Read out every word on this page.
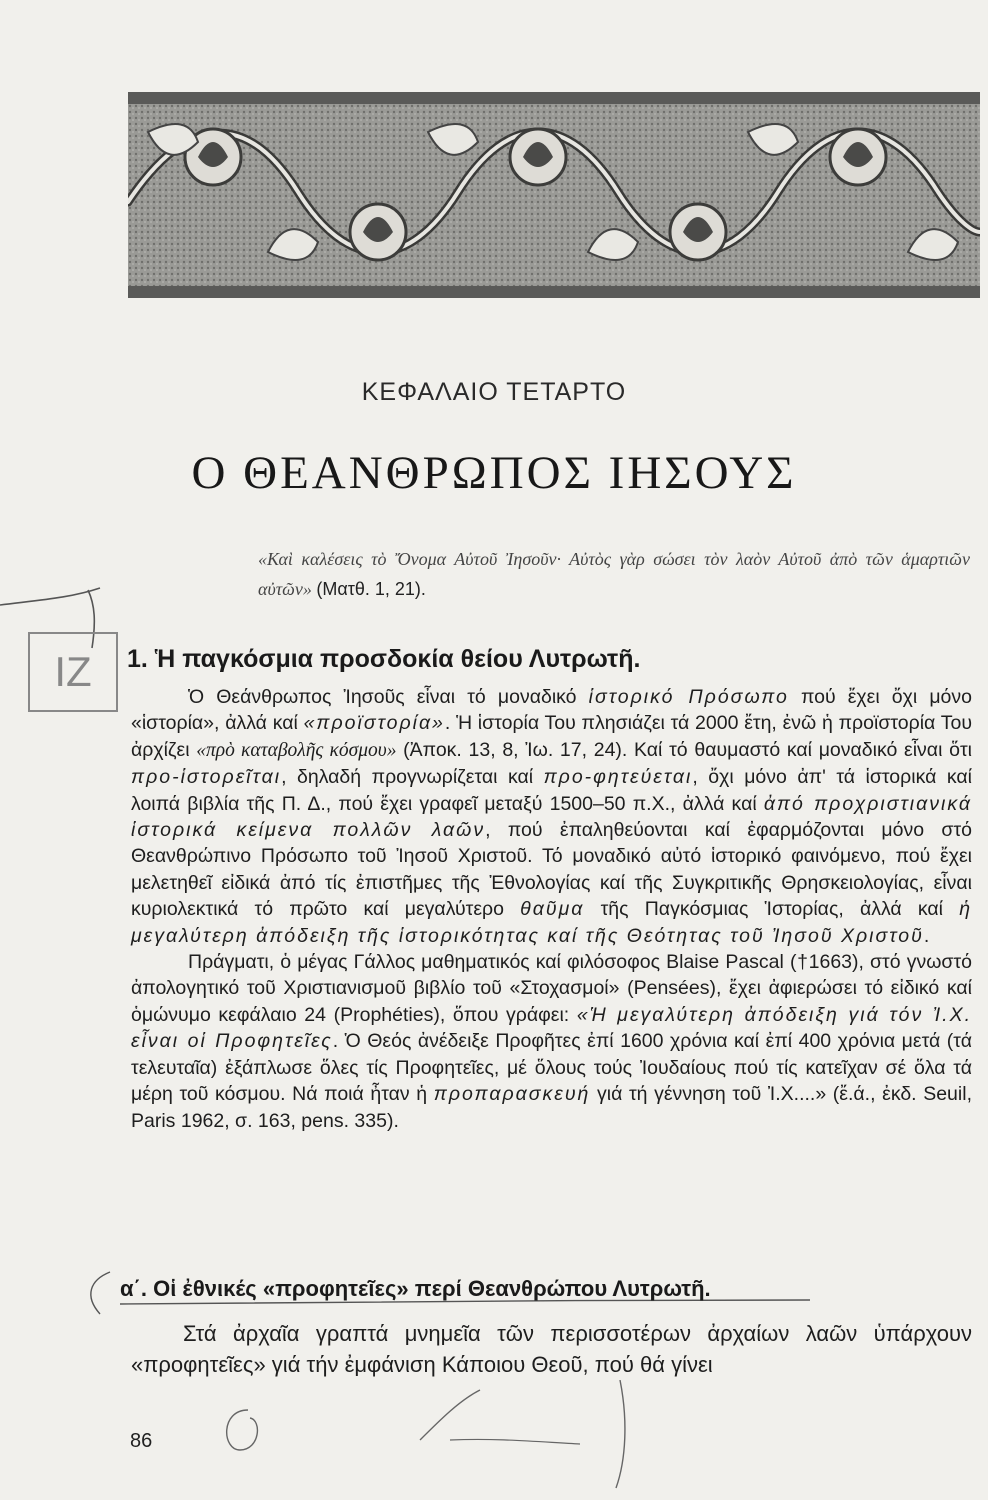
ΚΕΦΑΛΑΙΟ ΤΕΤΑΡΤΟ
Ο ΘΕΑΝΘΡΩΠΟΣ ΙΗΣΟΥΣ
«Καὶ καλέσεις τὸ Ὄνομα Αὐτοῦ Ἰησοῦν· Αὐτὸς γὰρ σώσει τὸν λαὸν Αὐτοῦ ἀπὸ τῶν ἁμαρτιῶν αὐτῶν» (Ματθ. 1, 21).
ΙΖ	1. Ἡ παγκόσμια προσδοκία θείου Λυτρωτῆ.

Ὁ Θεάνθρωπος Ἰησοῦς εἶναι τό μοναδικό ἱστορικό Πρόσωπο πού ἔχει ὄχι μόνο «ἱστορία», ἀλλά καί «προϊστορία». Ἡ ἱστορία Του πλησιάζει τά 2000 ἔτη, ἐνῶ ἡ προϊστορία Του ἀρχίζει «πρὸ καταβολῆς κόσμου» (Ἀποκ. 13, 8, Ἰω. 17, 24). Καί τό θαυμαστό καί μοναδικό εἶναι ὅτι προ-ἱστορεῖται, δηλαδή προγνωρίζεται καί προ-φητεύεται, ὄχι μόνο ἀπ' τά ἱστορικά καί λοιπά βιβλία τῆς Π. Δ., πού ἔχει γραφεῖ μεταξύ 1500–50 π.Χ., ἀλλά καί ἀπό προχριστιανικά ἱστορικά κείμενα πολλῶν λαῶν, πού ἐπαληθεύονται καί ἐφαρμόζονται μόνο στό Θεανθρώπινο Πρόσωπο τοῦ Ἰησοῦ Χριστοῦ. Τό μοναδικό αὐτό ἱστορικό φαινόμενο, πού ἔχει μελετηθεῖ εἰδικά ἀπό τίς ἐπιστῆμες τῆς Ἐθνολογίας καί τῆς Συγκριτικῆς Θρησκειολογίας, εἶναι κυριολεκτικά τό πρῶτο καί μεγαλύτερο θαῦμα τῆς Παγκόσμιας Ἱστορίας, ἀλλά καί ἡ μεγαλύτερη ἀπόδειξη τῆς ἱστορικότητας καί τῆς Θεότητας τοῦ Ἰησοῦ Χριστοῦ.

Πράγματι, ὁ μέγας Γάλλος μαθηματικός καί φιλόσοφος Blaise Pascal (†1663), στό γνωστό ἀπολογητικό τοῦ Χριστιανισμοῦ βιβλίο τοῦ «Στοχασμοί» (Pensées), ἔχει ἀφιερώσει τό εἰδικό καί ὁμώνυμο κεφάλαιο 24 (Prophéties), ὅπου γράφει: «Ἡ μεγαλύτερη ἀπόδειξη γιά τόν Ἰ.Χ. εἶναι οἱ Προφητεῖες. Ὁ Θεός ἀνέδειξε Προφῆτες ἐπί 1600 χρόνια καί ἐπί 400 χρόνια μετά (τά τελευταῖα) ἐξάπλωσε ὅλες τίς Προφητεῖες, μέ ὅλους τούς Ἰουδαίους πού τίς κατεῖχαν σέ ὅλα τά μέρη τοῦ κόσμου. Νά ποιά ἦταν ἡ προπαρασκευή γιά τή γέννηση τοῦ Ἰ.Χ....» (ἔ.ά., ἐκδ. Seuil, Paris 1962, σ. 163, pens. 335).

α΄. Οἱ ἐθνικές «προφητεῖες» περί Θεανθρώπου Λυτρωτῆ.

Στά ἀρχαῖα γραπτά μνημεῖα τῶν περισσοτέρων ἀρχαίων λαῶν ὑπάρχουν «προφητεῖες» γιά τήν ἐμφάνιση Κάποιου Θεοῦ, πού θά γίνει

86
